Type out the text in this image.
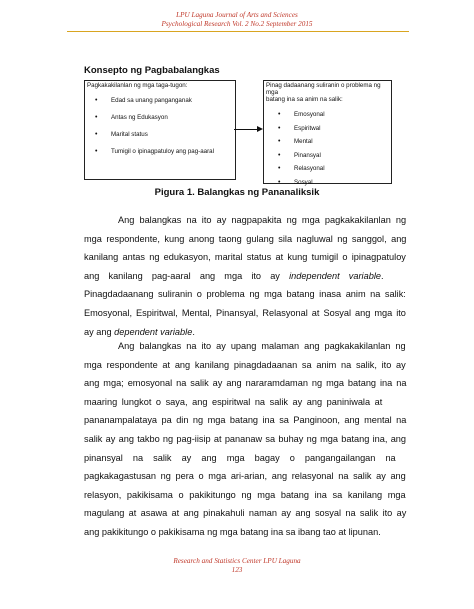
LPU Laguna Journal of Arts and Sciences
Psychological Research Vol. 2 No.2 September 2015
Konsepto ng Pagbabalangkas
Pagkakakilanlan ng mga taga-tugon:
• Edad sa unang panganganak
• Antas ng Edukasyon
• Marital status
• Tumigil o ipinagpatuloy ang pag-aaral
Pinag dadaanang suliranin o problema ng mga
batang ina sa anim na salik:
• Emosyonal
• Espiritwal
• Mental
• Pinansyal
• Relasyonal
• Sosyal
Pigura 1. Balangkas ng Pananaliksik
Ang balangkas na ito ay nagpapakita ng mga pagkakakilanlan ng
mga respondente, kung anong taong gulang sila nagluwal ng sanggol, ang
kanilang antas ng edukasyon, marital status at kung tumigil o ipinagpatuloy
ang kanilang pag-aaral ang mga ito ay independent variable.
Pinagdadaanang suliranin o problema ng mga batang inasa anim na salik:
Emosyonal, Espiritwal, Mental, Pinansyal, Relasyonal at Sosyal ang mga ito
ay ang dependent variable.
Ang balangkas na ito ay upang malaman ang pagkakakilanlan ng
mga respondente at ang kanilang pinagdadaanan sa anim na salik, ito ay
ang mga; emosyonal na salik ay ang nararamdaman ng mga batang ina na
maaring lungkot o saya, ang espiritwal na salik ay ang paniniwala at
pananampalataya pa din ng mga batang ina sa Panginoon, ang mental na
salik ay ang takbo ng pag-iisip at pananaw sa buhay ng mga batang ina, ang
pinansyal na salik ay ang mga bagay o pangangailangan na
pagkakagastusan ng pera o mga ari-arian, ang relasyonal na salik ay ang
relasyon, pakikisama o pakikitungo ng mga batang ina sa kanilang mga
magulang at asawa at ang pinakahuli naman ay ang sosyal na salik ito ay
ang pakikitungo o pakikisama ng mga batang ina sa ibang tao at lipunan.
Research and Statistics Center LPU Laguna
123
